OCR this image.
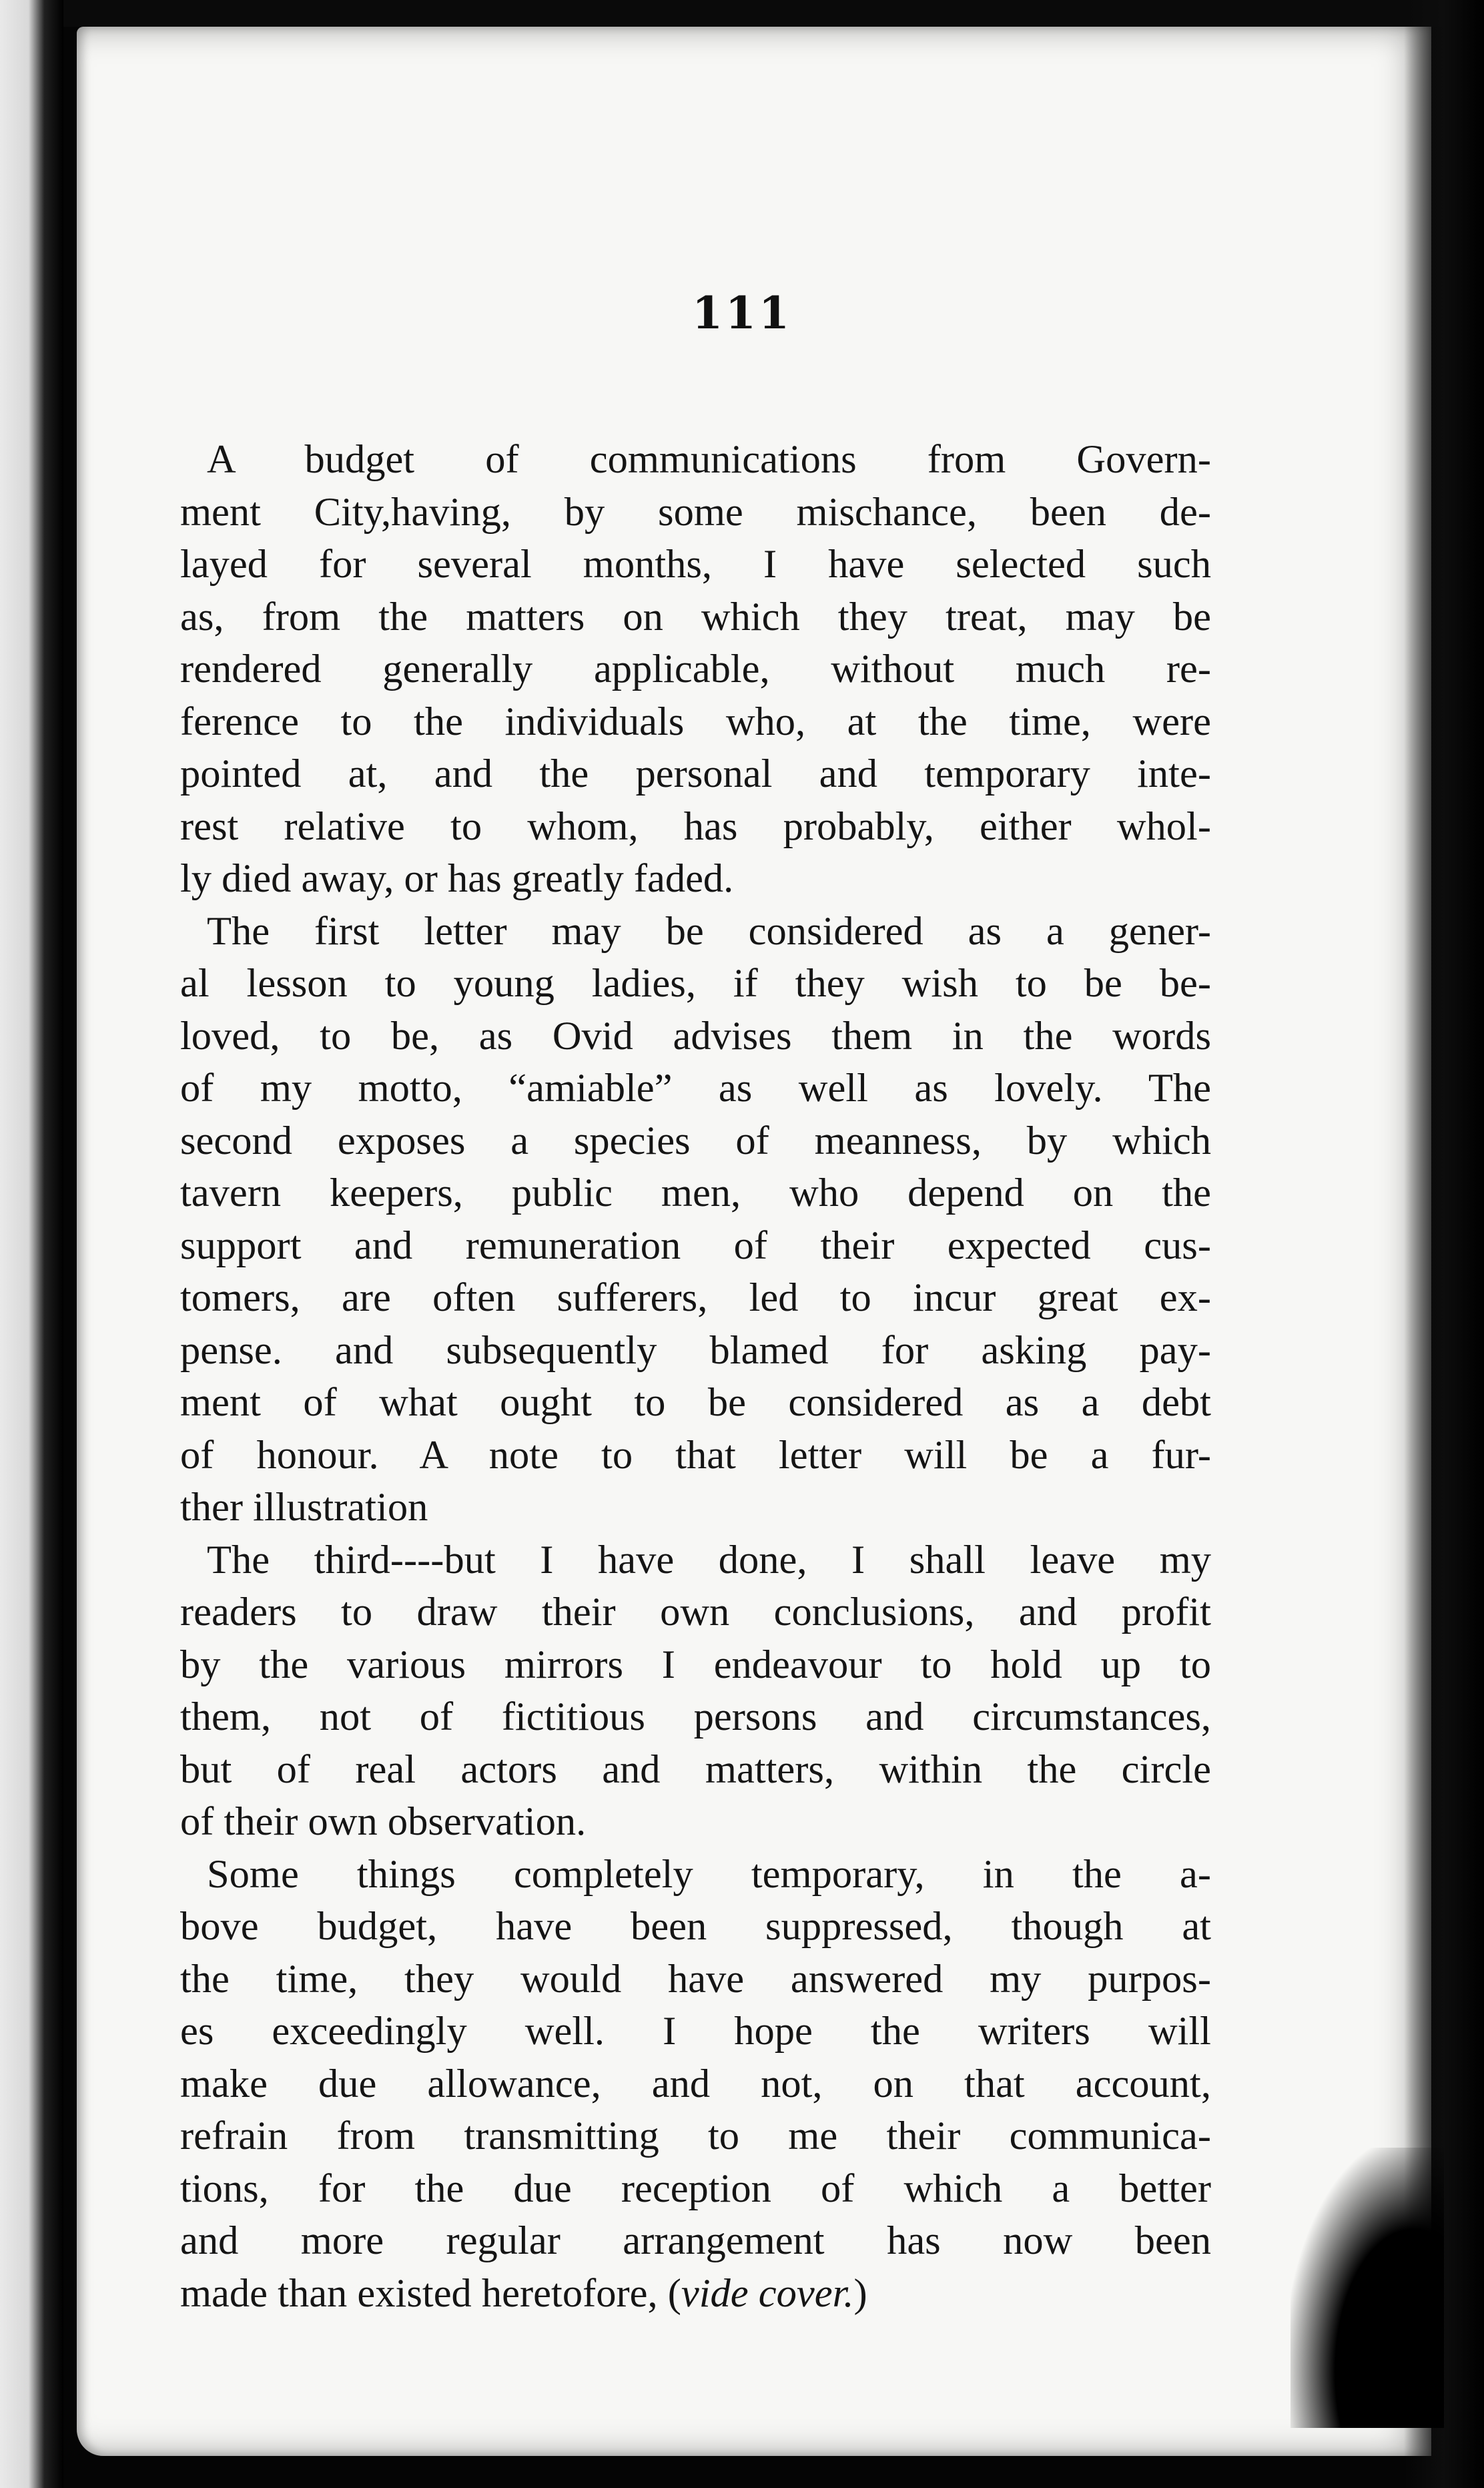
111
A budget of communications from Govern-
ment City,having, by some mischance, been de-
layed for several months, I have selected such
as, from the matters on which they treat, may be
rendered generally applicable, without much re-
ference to the individuals who, at the time, were
pointed at, and the personal and temporary inte-
rest relative to whom, has probably, either whol-
ly died away, or has greatly faded.
The first letter may be considered as a gener-
al lesson to young ladies, if they wish to be be-
loved, to be, as Ovid advises them in the words
of my motto, “amiable” as well as lovely. The
second exposes a species of meanness, by which
tavern keepers, public men, who depend on the
support and remuneration of their expected cus-
tomers, are often sufferers, led to incur great ex-
pense. and subsequently blamed for asking pay-
ment of what ought to be considered as a debt
of honour. A note to that letter will be a fur-
ther illustration
The third----but I have done, I shall leave my
readers to draw their own conclusions, and profit
by the various mirrors I endeavour to hold up to
them, not of fictitious persons and circumstances,
but of real actors and matters, within the circle
of their own observation.
Some things completely temporary, in the a-
bove budget, have been suppressed, though at
the time, they would have answered my purpos-
es exceedingly well. I hope the writers will
make due allowance, and not, on that account,
refrain from transmitting to me their communica-
tions, for the due reception of which a better
and more regular arrangement has now been
made than existed heretofore, (vide cover.)
